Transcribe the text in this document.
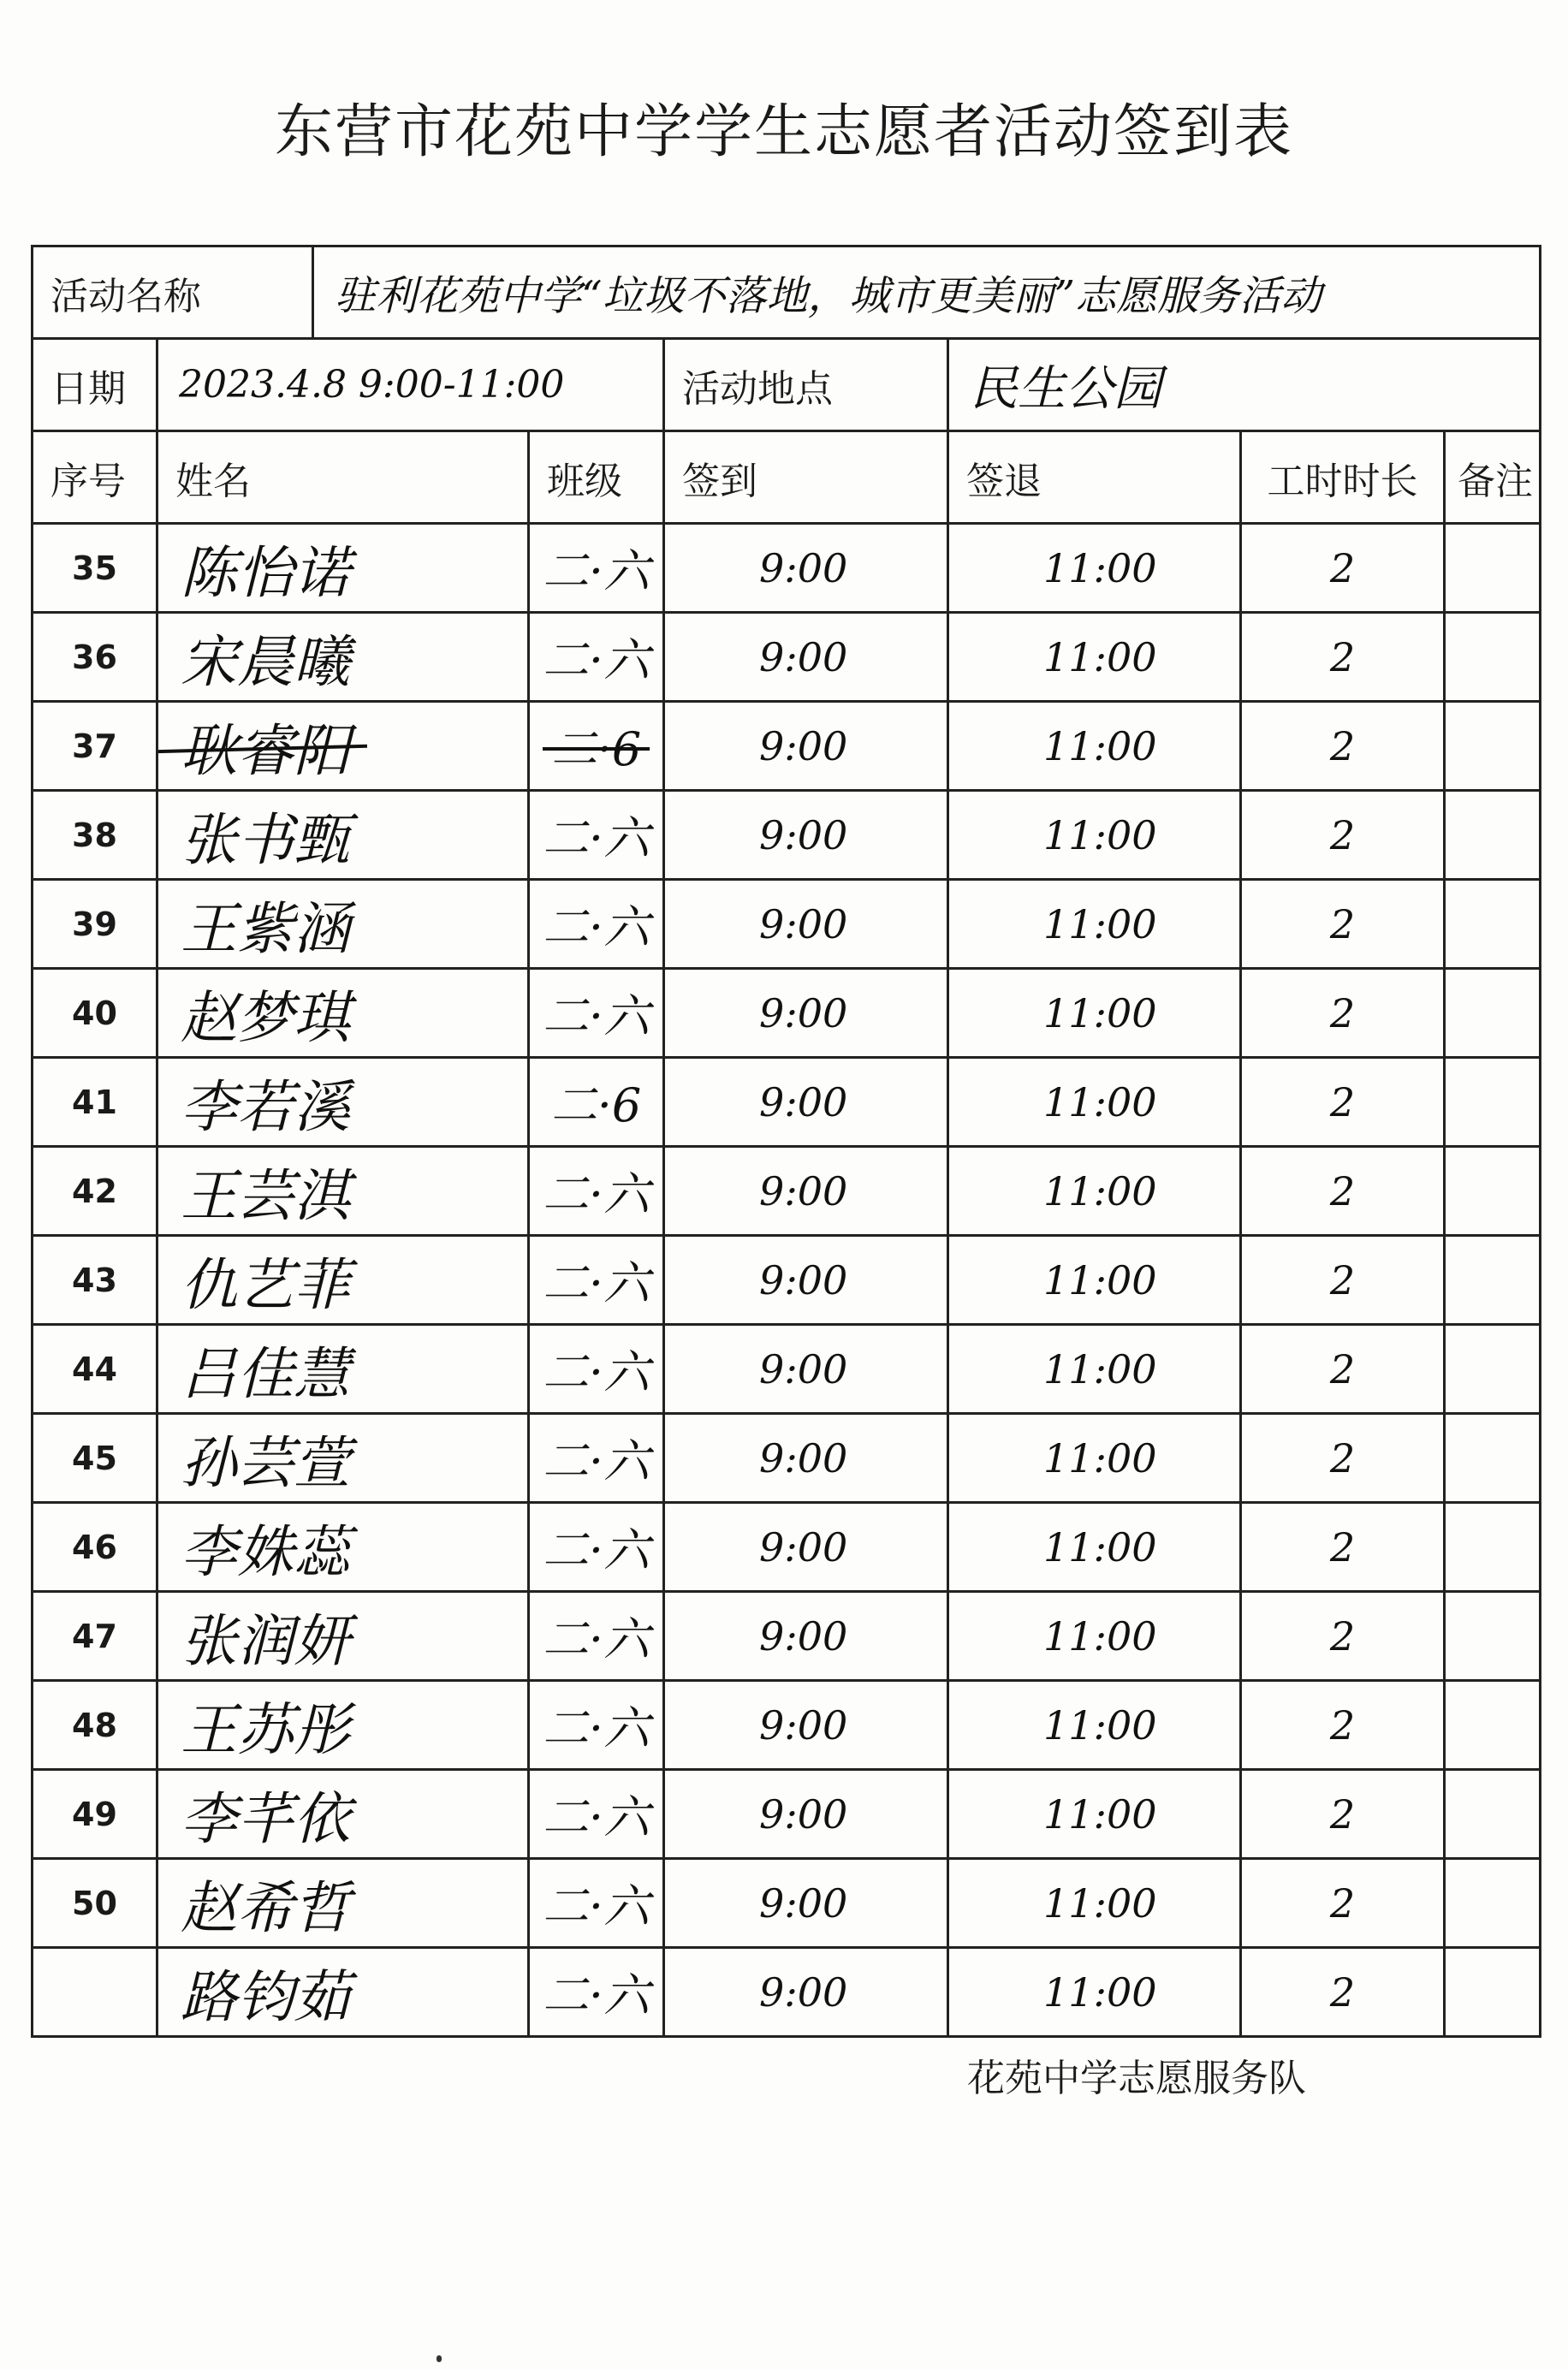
东营市花苑中学学生志愿者活动签到表
活动名称		驻利花苑中学“垃圾不落地，城市更美丽”志愿服务活动					
日期	2023.4.8 9:00-11:00			活动地点	民生公园		
序号	姓名		班级	签到	签退	工时时长	备注
35	陈怡诺		二·六	9:00	11:00	2	
36	宋晨曦		二·六	9:00	11:00	2	
37	耿睿阳		二·6	9:00	11:00	2	
38	张书甄		二·六	9:00	11:00	2	
39	王紫涵		二·六	9:00	11:00	2	
40	赵梦琪		二·六	9:00	11:00	2	
41	李若溪		二·6	9:00	11:00	2	
42	王芸淇		二·六	9:00	11:00	2	
43	仇艺菲		二·六	9:00	11:00	2	
44	吕佳慧		二·六	9:00	11:00	2	
45	孙芸萱		二·六	9:00	11:00	2	
46	李姝蕊		二·六	9:00	11:00	2	
47	张润妍		二·六	9:00	11:00	2	
48	王苏彤		二·六	9:00	11:00	2	
49	李芊依		二·六	9:00	11:00	2	
50	赵希哲		二·六	9:00	11:00	2	
	路钧茹		二·六	9:00	11:00	2	
花苑中学志愿服务队
